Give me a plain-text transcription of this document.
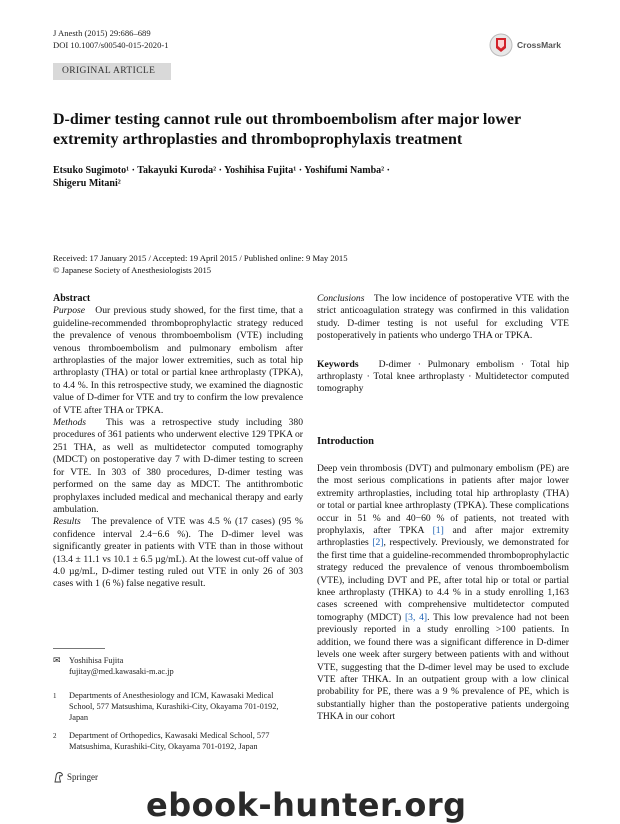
J Anesth (2015) 29:686–689
DOI 10.1007/s00540-015-2020-1	CrossMark
ORIGINAL ARTICLE
D-dimer testing cannot rule out thromboembolism after major lower extremity arthroplasties and thromboprophylaxis treatment
Etsuko Sugimoto¹ · Takayuki Kuroda² · Yoshihisa Fujita¹ · Yoshifumi Namba² ·
Shigeru Mitani²
Received: 17 January 2015 / Accepted: 19 April 2015 / Published online: 9 May 2015
© Japanese Society of Anesthesiologists 2015

Abstract

Purpose Our previous study showed, for the first time, that a guideline-recommended thromboprophylactic strategy reduced the prevalence of venous thromboembolism (VTE) including venous thromboembolism and pulmonary embolism after arthroplasties of the major lower extremities, such as total hip arthroplasty (THA) or total or partial knee arthroplasty (TPKA), to 4.4 %. In this retrospective study, we examined the diagnostic value of D-dimer for VTE and try to confirm the low prevalence of VTE after THA or TPKA.

Methods This was a retrospective study including 380 procedures of 361 patients who underwent elective 129 TPKA or 251 THA, as well as multidetector computed tomography (MDCT) on postoperative day 7 with D-dimer testing to screen for VTE. In 303 of 380 procedures, D-dimer testing was performed on the same day as MDCT. The antithrombotic prophylaxes included medical and mechanical therapy and early ambulation.

Results The prevalence of VTE was 4.5 % (17 cases) (95 % confidence interval 2.4−6.6 %). The D-dimer level was significantly greater in patients with VTE than in those without (13.4 ± 11.1 vs 10.1 ± 6.5 µg/mL). At the lowest cut-off value of 4.0 µg/mL, D-dimer testing ruled out VTE in only 26 of 303 cases with 1 (6 %) false negative result.

Conclusions The low incidence of postoperative VTE with the strict anticoagulation strategy was confirmed in this validation study. D-dimer testing is not useful for excluding VTE postoperatively in patients who undergo THA or TPKA.

Keywords D-dimer · Pulmonary embolism · Total hip arthroplasty · Total knee arthroplasty · Multidetector computed tomography

Introduction

Deep vein thrombosis (DVT) and pulmonary embolism (PE) are the most serious complications in patients after major lower extremity arthroplasties, including total hip arthroplasty (THA) or total or partial knee arthroplasty (TPKA). These complications occur in 51 % and 40−60 % of patients, not treated with prophylaxis, after TPKA [1] and after major extremity arthroplasties [2], respectively. Previously, we demonstrated for the first time that a guideline-recommended thromboprophylactic strategy reduced the prevalence of venous thromboembolism (VTE), including DVT and PE, after total hip or total or partial knee arthroplasty (THKA) to 4.4 % in a study enrolling 1,163 cases screened with comprehensive multidetector computed tomography (MDCT) [3, 4]. This low prevalence had not been previously reported in a study enrolling >100 patients. In addition, we found there was a significant difference in D-dimer levels one week after surgery between patients with and without VTE, suggesting that the D-dimer level may be used to exclude VTE after THKA. In an outpatient group with a low clinical probability for PE, there was a 9 % prevalence of PE, which is substantially higher than the postoperative patients undergoing THKA in our cohort

✉ Yoshihisa Fujita
fujitay@med.kawasaki-m.ac.jp
1	Departments of Anesthesiology and ICM, Kawasaki Medical School, 577 Matsushima, Kurashiki-City, Okayama 701-0192, Japan
2	Department of Orthopedics, Kawasaki Medical School, 577 Matsushima, Kurashiki-City, Okayama 701-0192, Japan
Springer
ebook-hunter.org
